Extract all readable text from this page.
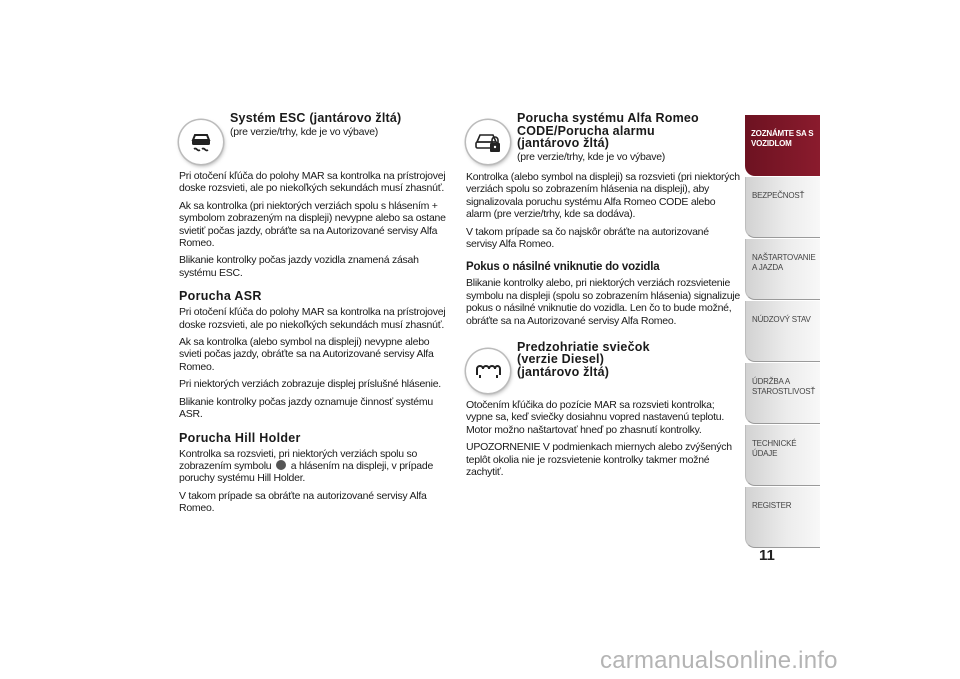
Systém ESC (jantárovo žltá)
(pre verzie/trhy, kde je vo výbave)

Pri otočení kľúča do polohy MAR sa kontrolka na prístrojovej doske rozsvieti, ale po niekoľkých sekundách musí zhasnúť.

Ak sa kontrolka (pri niektorých verziách spolu s hlásením + symbolom zobrazeným na displeji) nevypne alebo sa ostane svietiť počas jazdy, obráťte sa na Autorizované servisy Alfa Romeo.

Blikanie kontrolky počas jazdy vozidla znamená zásah systému ESC.

Porucha ASR

Pri otočení kľúča do polohy MAR sa kontrolka na prístrojovej doske rozsvieti, ale po niekoľkých sekundách musí zhasnúť.

Ak sa kontrolka (alebo symbol na displeji) nevypne alebo svieti počas jazdy, obráťte sa na Autorizované servisy Alfa Romeo.

Pri niektorých verziách zobrazuje displej príslušné hlásenie.

Blikanie kontrolky počas jazdy oznamuje činnosť systému ASR.

Porucha Hill Holder

Kontrolka sa rozsvieti, pri niektorých verziách spolu so zobrazením symbolu a hlásením na displeji, v prípade poruchy systému Hill Holder.

V takom prípade sa obráťte na autorizované servisy Alfa Romeo.

Porucha systému Alfa Romeo
CODE/Porucha alarmu
(jantárovo žltá)
(pre verzie/trhy, kde je vo výbave)

Kontrolka (alebo symbol na displeji) sa rozsvieti (pri niektorých verziách spolu so zobrazením hlásenia na displeji), aby signalizovala poruchu systému Alfa Romeo CODE alebo alarm (pre verzie/trhy, kde sa dodáva).

V takom prípade sa čo najskôr obráťte na autorizované servisy Alfa Romeo.

Pokus o násilné vniknutie do vozidla

Blikanie kontrolky alebo, pri niektorých verziách rozsvietenie symbolu na displeji (spolu so zobrazením hlásenia) signalizuje pokus o násilné vniknutie do vozidla. Len čo to bude možné, obráťte sa na Autorizované servisy Alfa Romeo.

Predzohriatie sviečok
(verzie Diesel)
(jantárovo žltá)

Otočením kľúčika do pozície MAR sa rozsvieti kontrolka; vypne sa, keď sviečky dosiahnu vopred nastavenú teplotu. Motor možno naštartovať hneď po zhasnutí kontrolky.

UPOZORNENIE V podmienkach miernych alebo zvýšených teplôt okolia nie je rozsvietenie kontrolky takmer možné zachytiť.

ZOZNÁMTE SA S VOZIDLOM
BEZPEČNOSŤ
NAŠTARTOVANIE A JAZDA
NÚDZOVÝ STAV
ÚDRŽBA A STAROSTLIVOSŤ
TECHNICKÉ ÚDAJE
REGISTER
11
carmanualsonline.info
